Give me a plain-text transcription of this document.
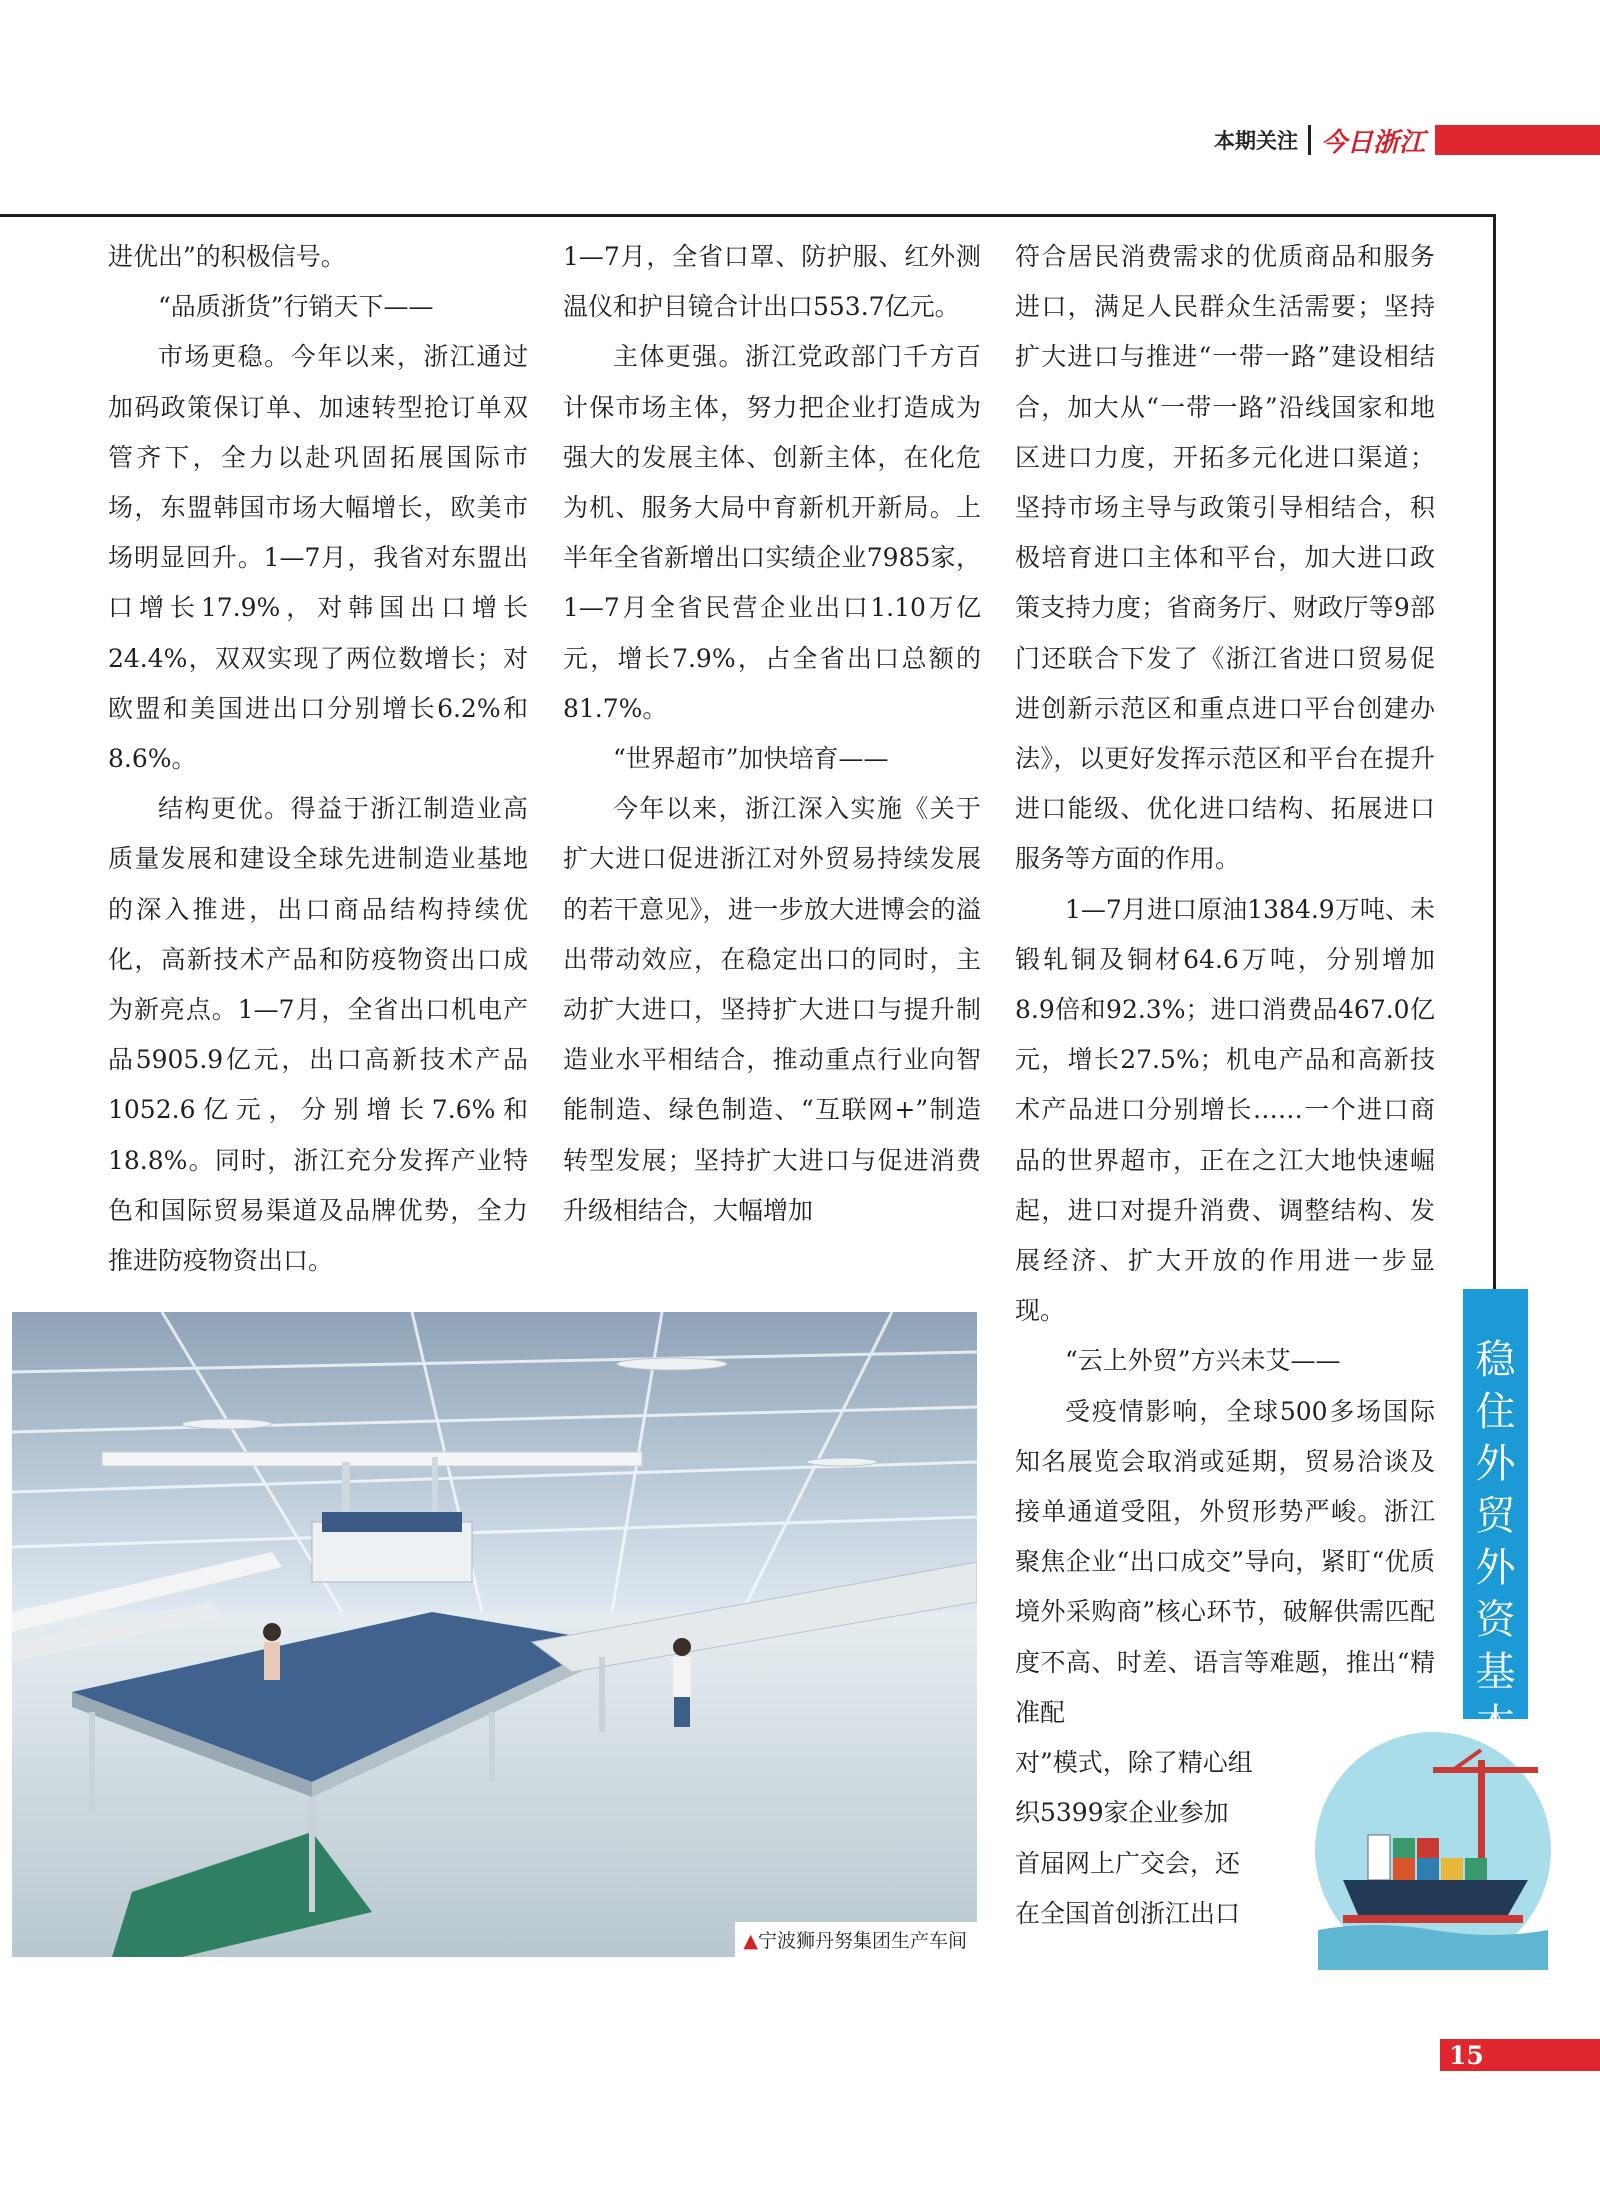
本期关注 今日浙江

进优出”的积极信号。

“品质浙货”行销天下——

市场更稳。今年以来，浙江通过加码政策保订单、加速转型抢订单双管齐下，全力以赴巩固拓展国际市场，东盟韩国市场大幅增长，欧美市场明显回升。1—7月，我省对东盟出口增长17.9%，对韩国出口增长24.4%，双双实现了两位数增长；对欧盟和美国进出口分别增长6.2%和8.6%。

结构更优。得益于浙江制造业高质量发展和建设全球先进制造业基地的深入推进，出口商品结构持续优化，高新技术产品和防疫物资出口成为新亮点。1—7月，全省出口机电产品5905.9亿元，出口高新技术产品1052.6亿元，分别增长7.6%和18.8%。同时，浙江充分发挥产业特色和国际贸易渠道及品牌优势，全力推进防疫物资出口。

1—7月，全省口罩、防护服、红外测温仪和护目镜合计出口553.7亿元。

主体更强。浙江党政部门千方百计保市场主体，努力把企业打造成为强大的发展主体、创新主体，在化危为机、服务大局中育新机开新局。上半年全省新增出口实绩企业7985家，1—7月全省民营企业出口1.10万亿元，增长7.9%，占全省出口总额的81.7%。

“世界超市”加快培育——

今年以来，浙江深入实施《关于扩大进口促进浙江对外贸易持续发展的若干意见》，进一步放大进博会的溢出带动效应，在稳定出口的同时，主动扩大进口，坚持扩大进口与提升制造业水平相结合，推动重点行业向智能制造、绿色制造、“互联网+”制造转型发展；坚持扩大进口与促进消费升级相结合，大幅增加

符合居民消费需求的优质商品和服务进口，满足人民群众生活需要；坚持扩大进口与推进“一带一路”建设相结合，加大从“一带一路”沿线国家和地区进口力度，开拓多元化进口渠道；坚持市场主导与政策引导相结合，积极培育进口主体和平台，加大进口政策支持力度；省商务厅、财政厅等9部门还联合下发了《浙江省进口贸易促进创新示范区和重点进口平台创建办法》，以更好发挥示范区和平台在提升进口能级、优化进口结构、拓展进口服务等方面的作用。

1—7月进口原油1384.9万吨、未锻轧铜及铜材64.6万吨，分别增加8.9倍和92.3%；进口消费品467.0亿元，增长27.5%；机电产品和高新技术产品进口分别增长……一个进口商品的世界超市，正在之江大地快速崛起，进口对提升消费、调整结构、发展经济、扩大开放的作用进一步显现。

“云上外贸”方兴未艾——

受疫情影响，全球500多场国际知名展览会取消或延期，贸易洽谈及接单通道受阻，外贸形势严峻。浙江聚焦企业“出口成交”导向，紧盯“优质境外采购商”核心环节，破解供需匹配度不高、时差、语言等难题，推出“精准配

对”模式，除了精心组

织5399家企业参加

首届网上广交会，还

在全国首创浙江出口

▲宁波狮丹努集团生产车间
稳
住
外
贸
外
资
基
本
15
